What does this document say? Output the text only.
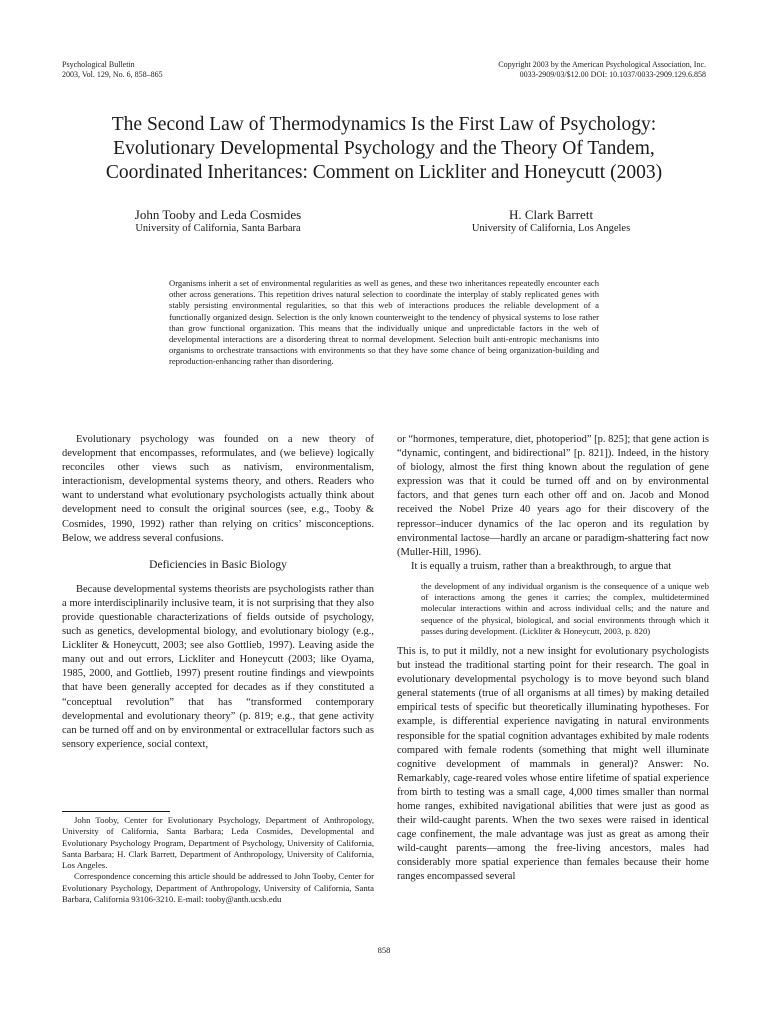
Psychological Bulletin
2003, Vol. 129, No. 6, 858–865
Copyright 2003 by the American Psychological Association, Inc.
0033-2909/03/$12.00 DOI: 10.1037/0033-2909.129.6.858
The Second Law of Thermodynamics Is the First Law of Psychology:
Evolutionary Developmental Psychology and the Theory Of Tandem,
Coordinated Inheritances: Comment on Lickliter and Honeycutt (2003)
John Tooby and Leda Cosmides
University of California, Santa Barbara
H. Clark Barrett
University of California, Los Angeles

Organisms inherit a set of environmental regularities as well as genes, and these two inheritances repeatedly encounter each other across generations. This repetition drives natural selection to coordinate the interplay of stably replicated genes with stably persisting environmental regularities, so that this web of interactions produces the reliable development of a functionally organized design. Selection is the only known counterweight to the tendency of physical systems to lose rather than grow functional organization. This means that the individually unique and unpredictable factors in the web of developmental interactions are a disordering threat to normal development. Selection built anti-entropic mechanisms into organisms to orchestrate transactions with environments so that they have some chance of being organization-building and reproduction-enhancing rather than disordering.

Evolutionary psychology was founded on a new theory of development that encompasses, reformulates, and (we believe) logically reconciles other views such as nativism, environmentalism, interactionism, developmental systems theory, and others. Readers who want to understand what evolutionary psychologists actually think about development need to consult the original sources (see, e.g., Tooby & Cosmides, 1990, 1992) rather than relying on critics’ misconceptions. Below, we address several confusions.

Deficiencies in Basic Biology

Because developmental systems theorists are psychologists rather than a more interdisciplinarily inclusive team, it is not surprising that they also provide questionable characterizations of fields outside of psychology, such as genetics, developmental biology, and evolutionary biology (e.g., Lickliter & Honeycutt, 2003; see also Gottlieb, 1997). Leaving aside the many out and out errors, Lickliter and Honeycutt (2003; like Oyama, 1985, 2000, and Gottlieb, 1997) present routine findings and viewpoints that have been generally accepted for decades as if they constituted a “conceptual revolution” that has “transformed contemporary developmental and evolutionary theory” (p. 819; e.g., that gene activity can be turned off and on by environmental or extracellular factors such as sensory experience, social context,

or “hormones, temperature, diet, photoperiod” [p. 825]; that gene action is “dynamic, contingent, and bidirectional” [p. 821]). Indeed, in the history of biology, almost the first thing known about the regulation of gene expression was that it could be turned off and on by environmental factors, and that genes turn each other off and on. Jacob and Monod received the Nobel Prize 40 years ago for their discovery of the repressor–inducer dynamics of the lac operon and its regulation by environmental lactose—hardly an arcane or paradigm-shattering fact now (Muller-Hill, 1996).

It is equally a truism, rather than a breakthrough, to argue that

the development of any individual organism is the consequence of a unique web of interactions among the genes it carries; the complex, multidetermined molecular interactions within and across individual cells; and the nature and sequence of the physical, biological, and social environments through which it passes during development. (Lickliter & Honeycutt, 2003, p. 820)

This is, to put it mildly, not a new insight for evolutionary psychologists but instead the traditional starting point for their research. The goal in evolutionary developmental psychology is to move beyond such bland general statements (true of all organisms at all times) by making detailed empirical tests of specific but theoretically illuminating hypotheses. For example, is differential experience navigating in natural environments responsible for the spatial cognition advantages exhibited by male rodents compared with female rodents (something that might well illuminate cognitive development of mammals in general)? Answer: No. Remarkably, cage-reared voles whose entire lifetime of spatial experience from birth to testing was a small cage, 4,000 times smaller than normal home ranges, exhibited navigational abilities that were just as good as their wild-caught parents. When the two sexes were raised in identical cage confinement, the male advantage was just as great as among their wild-caught parents—among the free-living ancestors, males had considerably more spatial experience than females because their home ranges encompassed several

John Tooby, Center for Evolutionary Psychology, Department of Anthropology, University of California, Santa Barbara; Leda Cosmides, Developmental and Evolutionary Psychology Program, Department of Psychology, University of California, Santa Barbara; H. Clark Barrett, Department of Anthropology, University of California, Los Angeles.

Correspondence concerning this article should be addressed to John Tooby, Center for Evolutionary Psychology, Department of Anthropology, University of California, Santa Barbara, California 93106-3210. E-mail: tooby@anth.ucsb.edu

858
